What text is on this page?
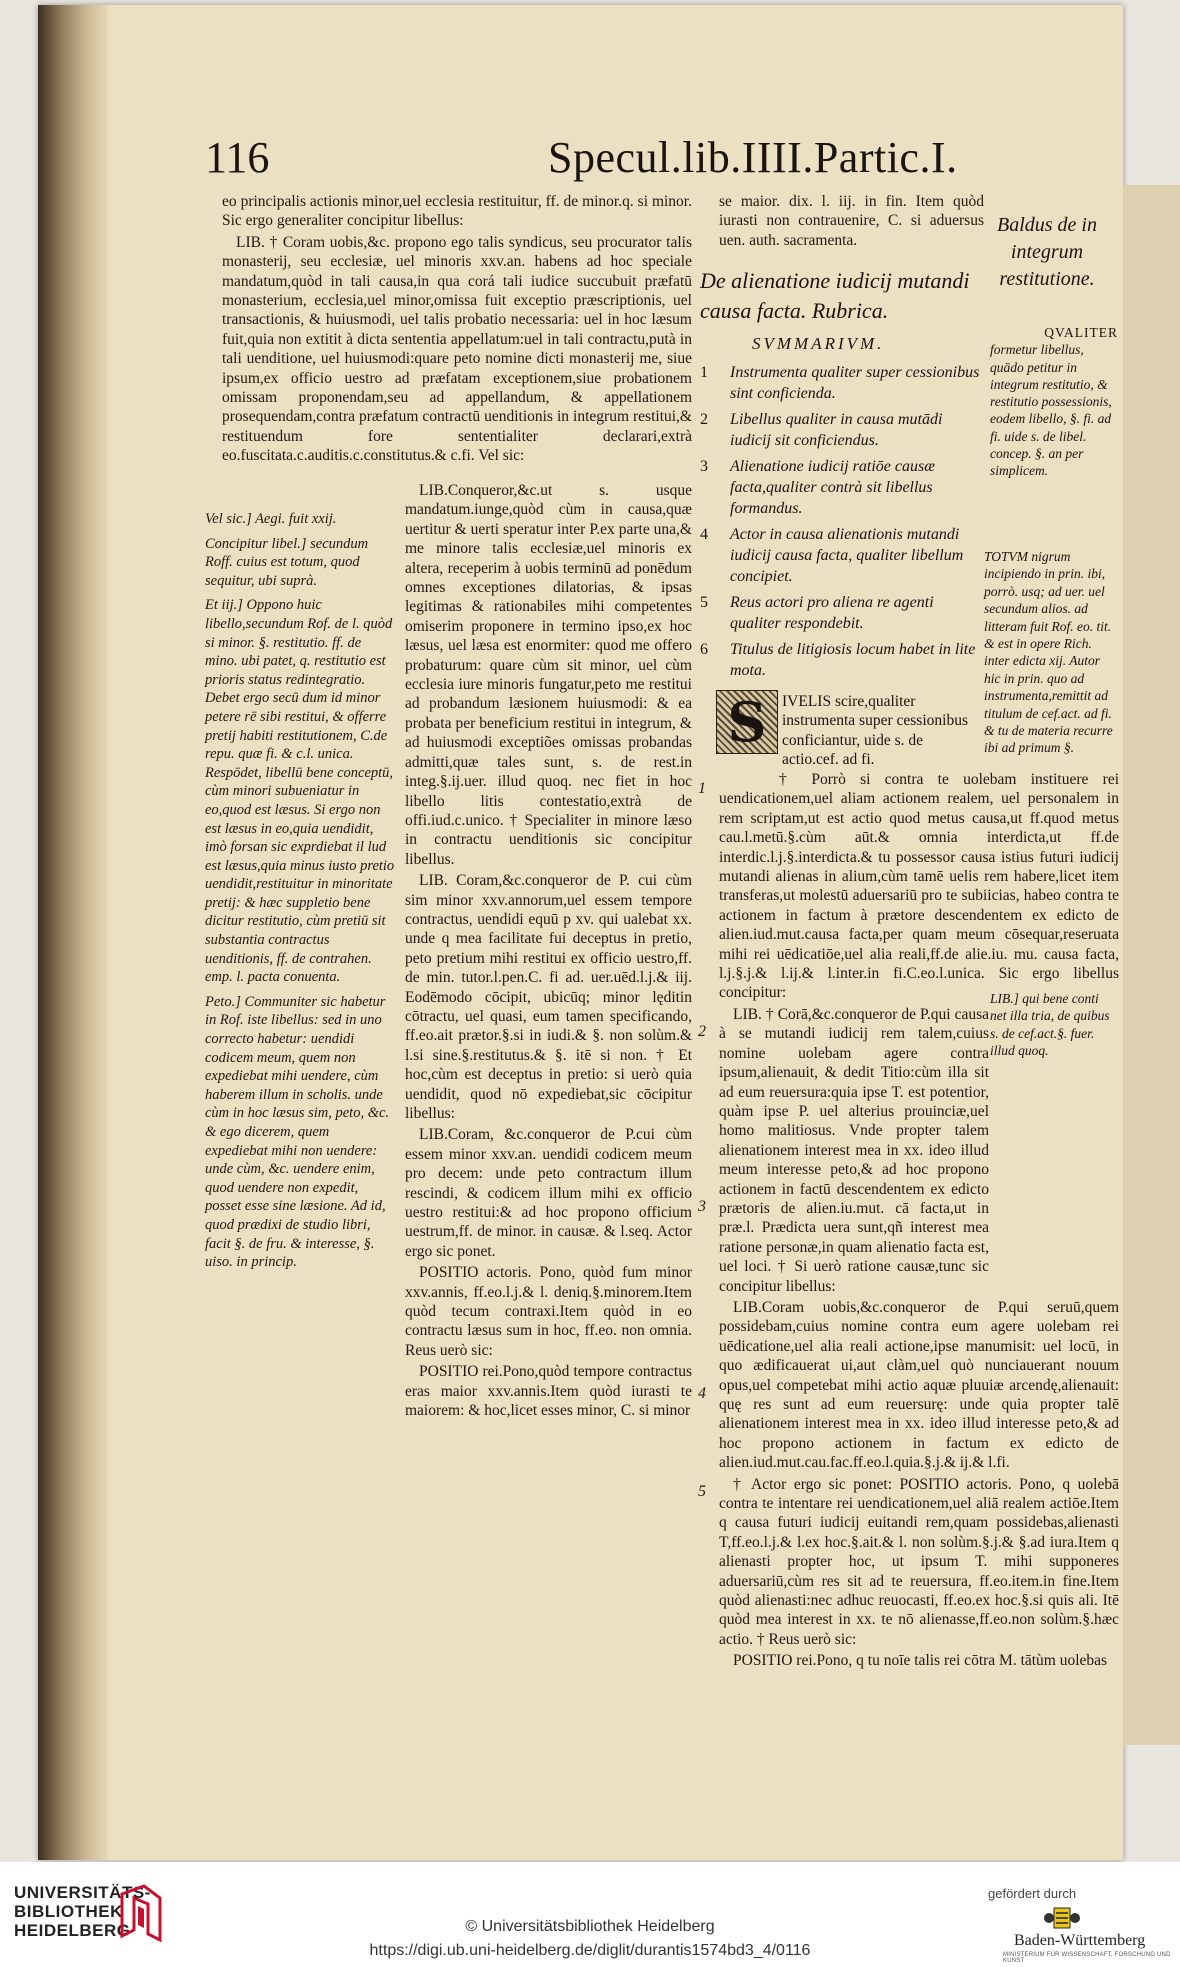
116	Specul.lib.IIII.Partic.I.

eo principalis actionis minor,uel ecclesia restituitur, ff. de minor.q. si minor. Sic ergo generaliter concipitur libellus:

LIB. † Coram uobis,&c. propono ego talis syndicus, seu procurator talis monasterij, seu ecclesiæ, uel minoris xxv.an. habens ad hoc speciale mandatum,quòd in tali causa,in qua corá tali iudice succubuit præfatū monasterium, ecclesia,uel minor,omissa fuit exceptio præscriptionis, uel transactionis, & huiusmodi, uel talis probatio necessaria: uel in hoc læsum fuit,quia non extitit à dicta sententia appellatum:uel in tali contractu,putà in tali uenditione, uel huiusmodi:quare peto nomine dicti monasterij me, siue ipsum,ex officio uestro ad præfatam exceptionem,siue probationem omissam proponendam,seu ad appellandum, & appellationem prosequendam,contra præfatum contractū uenditionis in integrum restitui,& restituendum fore sententialiter declarari,extrà eo.fuscitata.c.auditis.c.constitutus.& c.fi. Vel sic:

Vel sic.] Aegi. fuit xxij.

Concipitur libel.] secundum Roff. cuius est totum, quod sequitur, ubi suprà.

Et iij.] Oppono huic libello,secundum Rof. de l. quòd si minor. §. restitutio. ff. de mino. ubi patet, q. restitutio est prioris status redintegratio. Debet ergo secū dum id minor petere rē sibi restitui, & offerre pretij habiti restitutionem, C.de repu. quæ fi. & c.l. unica. Respōdet, libellū bene conceptū, cùm minori subueniatur in eo,quod est læsus. Si ergo non est læsus in eo,quia uendidit, imò forsan sic exprdiebat il lud est læsus,quia minus iusto pretio uendidit,restituitur in minoritate pretij: & hæc suppletio bene dicitur restitutio, cùm pretiū sit substantia contractus uenditionis, ff. de contrahen. emp. l. pacta conuenta.

Peto.] Communiter sic habetur in Rof. iste libellus: sed in uno correcto habetur: uendidi codicem meum, quem non expediebat mihi uendere, cùm haberem illum in scholis. unde cùm in hoc læsus sim, peto, &c. & ego dicerem, quem expediebat mihi non uendere: unde cùm, &c. uendere enim, quod uendere non expedit, posset esse sine læsione. Ad id, quod prædixi de studio libri, facit §. de fru. & interesse, §. uiso. in princip.

LIB.Conqueror,&c.ut s. usque mandatum.iunge,quòd cùm in causa,quæ uertitur & uerti speratur inter P.ex parte una,& me minore talis ecclesiæ,uel minoris ex altera, receperim à uobis terminū ad ponēdum omnes exceptiones dilatorias, & ipsas legitimas & rationabiles mihi competentes omiserim proponere in termino ipso,ex hoc læsus, uel læsa est enormiter: quod me offero probaturum: quare cùm sit minor, uel cùm ecclesia iure minoris fungatur,peto me restitui ad probandum læsionem huiusmodi: & ea probata per beneficium restitui in integrum, & ad huiusmodi exceptiões omissas probandas admitti,quæ tales sunt, s. de rest.in integ.§.ij.uer. illud quoq. nec fiet in hoc libello litis contestatio,extrà de offi.iud.c.unico. † Specialiter in minore læso in contractu uenditionis sic concipitur libellus.

LIB. Coram,&c.conqueror de P. cui cùm sim minor xxv.annorum,uel essem tempore contractus, uendidi equū p xv. qui ualebat xx. unde q mea facilitate fui deceptus in pretio, peto pretium mihi restitui ex officio uestro,ff. de min. tutor.l.pen.C. fi ad. uer.uēd.l.j.& iij. Eodēmodo cōcipit, ubicūq; minor lęditin cōtractu, uel quasi, eum tamen specificando, ff.eo.ait prætor.§.si in iudi.& §. non solùm.& l.si sine.§.restitutus.& §. itē si non. † Et hoc,cùm est deceptus in pretio: si uerò quia uendidit, quod nō expediebat,sic cōcipitur libellus:

LIB.Coram, &c.conqueror de P.cui cùm essem minor xxv.an. uendidi codicem meum pro decem: unde peto contractum illum rescindi, & codicem illum mihi ex officio uestro restitui:& ad hoc propono officium uestrum,ff. de minor. in causæ. & l.seq. Actor ergo sic ponet.

POSITIO actoris. Pono, quòd fum minor xxv.annis, ff.eo.l.j.& l. deniq.§.minorem.Item quòd tecum contraxi.Item quòd in eo contractu læsus sum in hoc, ff.eo. non omnia. Reus uerò sic:

POSITIO rei.Pono,quòd tempore contractus eras maior xxv.annis.Item quòd iurasti te maiorem: & hoc,licet esses minor, C. si minor

se maior. dix. l. iij. in fin. Item quòd iurasti non contrauenire, C. si aduersus uen. auth. sacramenta.

Baldus de in integrum restitutione.
De alienatione iudicij mutandi causa facta. Rubrica.
SVMMARIVM.

1 Instrumenta qualiter super cessionibus sint conficienda.

2 Libellus qualiter in causa mutādi iudicij sit conficiendus.

3 Alienatione iudicij ratiōe causæ facta,qualiter contrà sit libellus formandus.

4 Actor in causa alienationis mutandi iudicij causa facta, qualiter libellum concipiet.

5 Reus actori pro aliena re agenti qualiter respondebit.

6 Titulus de litigiosis locum habet in lite mota.

QVALITER
formetur libellus, quādo petitur in integrum restitutio, & restitutio possessionis, eodem libello, §. fi. ad fi. uide s. de libel. concep. §. an per simplicem.
TOTVM nigrum incipiendo in prin. ibi, porrò. usq; ad uer. uel secundum alios. ad litteram fuit Rof. eo. tit. & est in opere Rich. inter edicta xij. Autor hic in prin. quo ad instrumenta,remittit ad titulum de cef.act. ad fi. & tu de materia recurre ibi ad primum §.
S	IVELIS scire,qualiter instrumenta super cessionibus conficiantur, uide s. de actio.cef. ad fi.

† Porrò si contra te uolebam instituere rei uendicationem,uel aliam actionem realem, uel personalem in rem scriptam,ut est actio quod metus causa,ut ff.quod metus cau.l.metū.§.cùm aūt.& omnia interdicta,ut ff.de interdic.l.j.§.interdicta.& tu possessor causa istius futuri iudicij mutandi alienas in alium,cùm tamē uelis rem habere,licet item transferas,ut molestū aduersariū pro te subiicias, habeo contra te actionem in factum à prætore descendentem ex edicto de alien.iud.mut.causa facta,per quam meum cōsequar,reseruata mihi rei uēdicatiōe,uel alia reali,ff.de alie.iu. mu. causa facta, l.j.§.j.& l.ij.& l.inter.in fi.C.eo.l.unica. Sic ergo libellus concipitur:

LIB. † Corā,&c.conqueror de P.qui causa à se mutandi iudicij rem talem,cuius nomine uolebam agere contra ipsum,alienauit, & dedit Titio:cùm illa sit ad eum reuersura:quia ipse T. est potentior, quàm ipse P. uel alterius prouinciæ,uel homo malitiosus. Vnde propter talem alienationem interest mea in xx. ideo illud meum interesse peto,& ad hoc propono actionem in factū descendentem ex edicto prætoris de alien.iu.mut. cā facta,ut in præ.l. Prædicta uera sunt,qñ interest mea ratione personæ,in quam alienatio facta est, uel loci. † Si uerò ratione causæ,tunc sic concipitur libellus:

LIB.Coram uobis,&c.conqueror de P.qui seruū,quem possidebam,cuius nomine contra eum agere uolebam rei uēdicatione,uel alia reali actione,ipse manumisit: uel locū, in quo ædificauerat ui,aut clàm,uel quò nunciauerant nouum opus,uel competebat mihi actio aquæ pluuiæ arcendę,alienauit: quę res sunt ad eum reuersurę: unde quia propter talē alienationem interest mea in xx. ideo illud interesse peto,& ad hoc propono actionem in factum ex edicto de alien.iud.mut.cau.fac.ff.eo.l.quia.§.j.& ij.& l.fi.

† Actor ergo sic ponet: POSITIO actoris. Pono, q uolebā contra te intentare rei uendicationem,uel aliā realem actiōe.Item q causa futuri iudicij euitandi rem,quam possidebas,alienasti T,ff.eo.l.j.& l.ex hoc.§.ait.& l. non solùm.§.j.& §.ad iura.Item q alienasti propter hoc, ut ipsum T. mihi supponeres aduersariū,cùm res sit ad te reuersura, ff.eo.item.in fine.Item quòd alienasti:nec adhuc reuocasti, ff.eo.ex hoc.§.si quis ali. Itē quòd mea interest in xx. te nō alienasse,ff.eo.non solùm.§.hæc actio. † Reus uerò sic:

POSITIO rei.Pono, q tu noīe talis rei cōtra M. tātùm uolebas

LIB.] qui bene conti net illa tria, de quibus s. de cef.act.§. fuer. illud quoq.
1
2
3
4
5
UNIVERSITÄTS-
BIBLIOTHEK
HEIDELBERG	© Universitätsbibliothek Heidelberg
https://digi.ub.uni-heidelberg.de/diglit/durantis1574bd3_4/0116
gefördert durch
Baden-Württemberg
MINISTERIUM FÜR WISSENSCHAFT, FORSCHUNG UND KUNST
